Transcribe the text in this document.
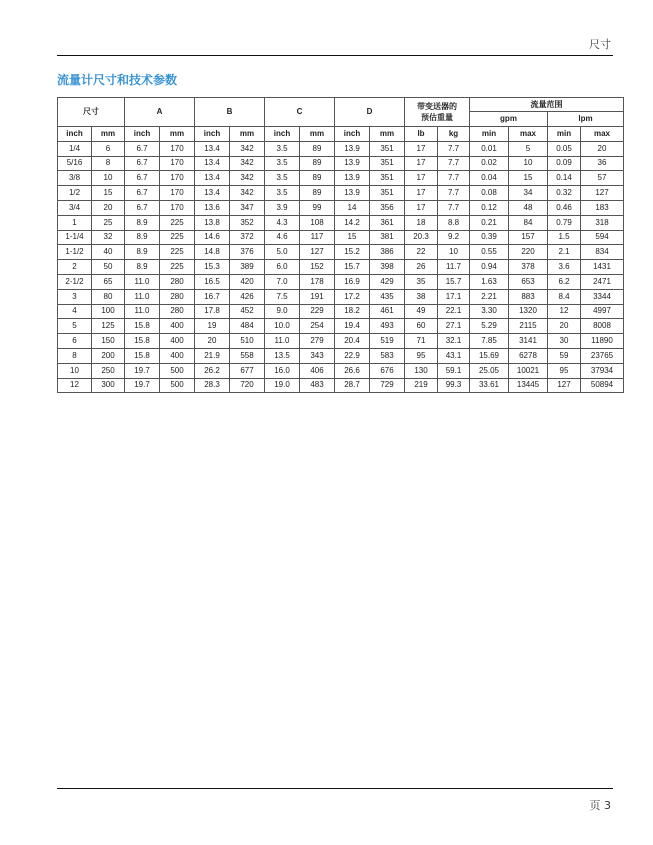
尺寸
流量计尺寸和技术参数
尺寸		A		B		C		D		带变送器的
预估重量		流量范围			
												gpm		lpm	
inch	mm	inch	mm	inch	mm	inch	mm	inch	mm	lb	kg	min	max	min	max
1/4	6	6.7	170	13.4	342	3.5	89	13.9	351	17	7.7	0.01	5	0.05	20
5/16	8	6.7	170	13.4	342	3.5	89	13.9	351	17	7.7	0.02	10	0.09	36
3/8	10	6.7	170	13.4	342	3.5	89	13.9	351	17	7.7	0.04	15	0.14	57
1/2	15	6.7	170	13.4	342	3.5	89	13.9	351	17	7.7	0.08	34	0.32	127
3/4	20	6.7	170	13.6	347	3.9	99	14	356	17	7.7	0.12	48	0.46	183
1	25	8.9	225	13.8	352	4.3	108	14.2	361	18	8.8	0.21	84	0.79	318
1-1/4	32	8.9	225	14.6	372	4.6	117	15	381	20.3	9.2	0.39	157	1.5	594
1-1/2	40	8.9	225	14.8	376	5.0	127	15.2	386	22	10	0.55	220	2.1	834
2	50	8.9	225	15.3	389	6.0	152	15.7	398	26	11.7	0.94	378	3.6	1431
2-1/2	65	11.0	280	16.5	420	7.0	178	16.9	429	35	15.7	1.63	653	6.2	2471
3	80	11.0	280	16.7	426	7.5	191	17.2	435	38	17.1	2.21	883	8.4	3344
4	100	11.0	280	17.8	452	9.0	229	18.2	461	49	22.1	3.30	1320	12	4997
5	125	15.8	400	19	484	10.0	254	19.4	493	60	27.1	5.29	2115	20	8008
6	150	15.8	400	20	510	11.0	279	20.4	519	71	32.1	7.85	3141	30	11890
8	200	15.8	400	21.9	558	13.5	343	22.9	583	95	43.1	15.69	6278	59	23765
10	250	19.7	500	26.2	677	16.0	406	26.6	676	130	59.1	25.05	10021	95	37934
12	300	19.7	500	28.3	720	19.0	483	28.7	729	219	99.3	33.61	13445	127	50894
页 3
